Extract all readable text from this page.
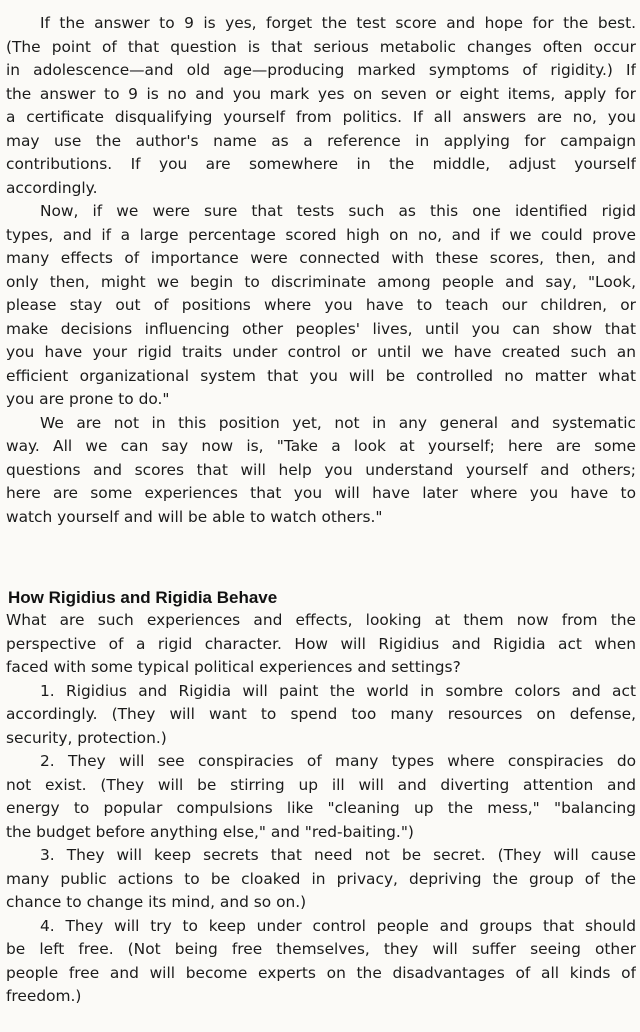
If the answer to 9 is yes, forget the test score and hope for the best.
(The point of that question is that serious metabolic changes often occur
in adolescence—and old age—producing marked symptoms of rigidity.) If
the answer to 9 is no and you mark yes on seven or eight items, apply for
a certificate disqualifying yourself from politics. If all answers are no, you
may use the author's name as a reference in applying for campaign
contributions. If you are somewhere in the middle, adjust yourself
accordingly.
Now, if we were sure that tests such as this one identified rigid
types, and if a large percentage scored high on no, and if we could prove
many effects of importance were connected with these scores, then, and
only then, might we begin to discriminate among people and say, "Look,
please stay out of positions where you have to teach our children, or
make decisions influencing other peoples' lives, until you can show that
you have your rigid traits under control or until we have created such an
efficient organizational system that you will be controlled no matter what
you are prone to do."
We are not in this position yet, not in any general and systematic
way. All we can say now is, "Take a look at yourself; here are some
questions and scores that will help you understand yourself and others;
here are some experiences that you will have later where you have to
watch yourself and will be able to watch others."
How Rigidius and Rigidia Behave
What are such experiences and effects, looking at them now from the
perspective of a rigid character. How will Rigidius and Rigidia act when
faced with some typical political experiences and settings?
1. Rigidius and Rigidia will paint the world in sombre colors and act
accordingly. (They will want to spend too many resources on defense,
security, protection.)
2. They will see conspiracies of many types where conspiracies do
not exist. (They will be stirring up ill will and diverting attention and
energy to popular compulsions like "cleaning up the mess," "balancing
the budget before anything else," and "red-baiting.")
3. They will keep secrets that need not be secret. (They will cause
many public actions to be cloaked in privacy, depriving the group of the
chance to change its mind, and so on.)
4. They will try to keep under control people and groups that should
be left free. (Not being free themselves, they will suffer seeing other
people free and will become experts on the disadvantages of all kinds of
freedom.)
